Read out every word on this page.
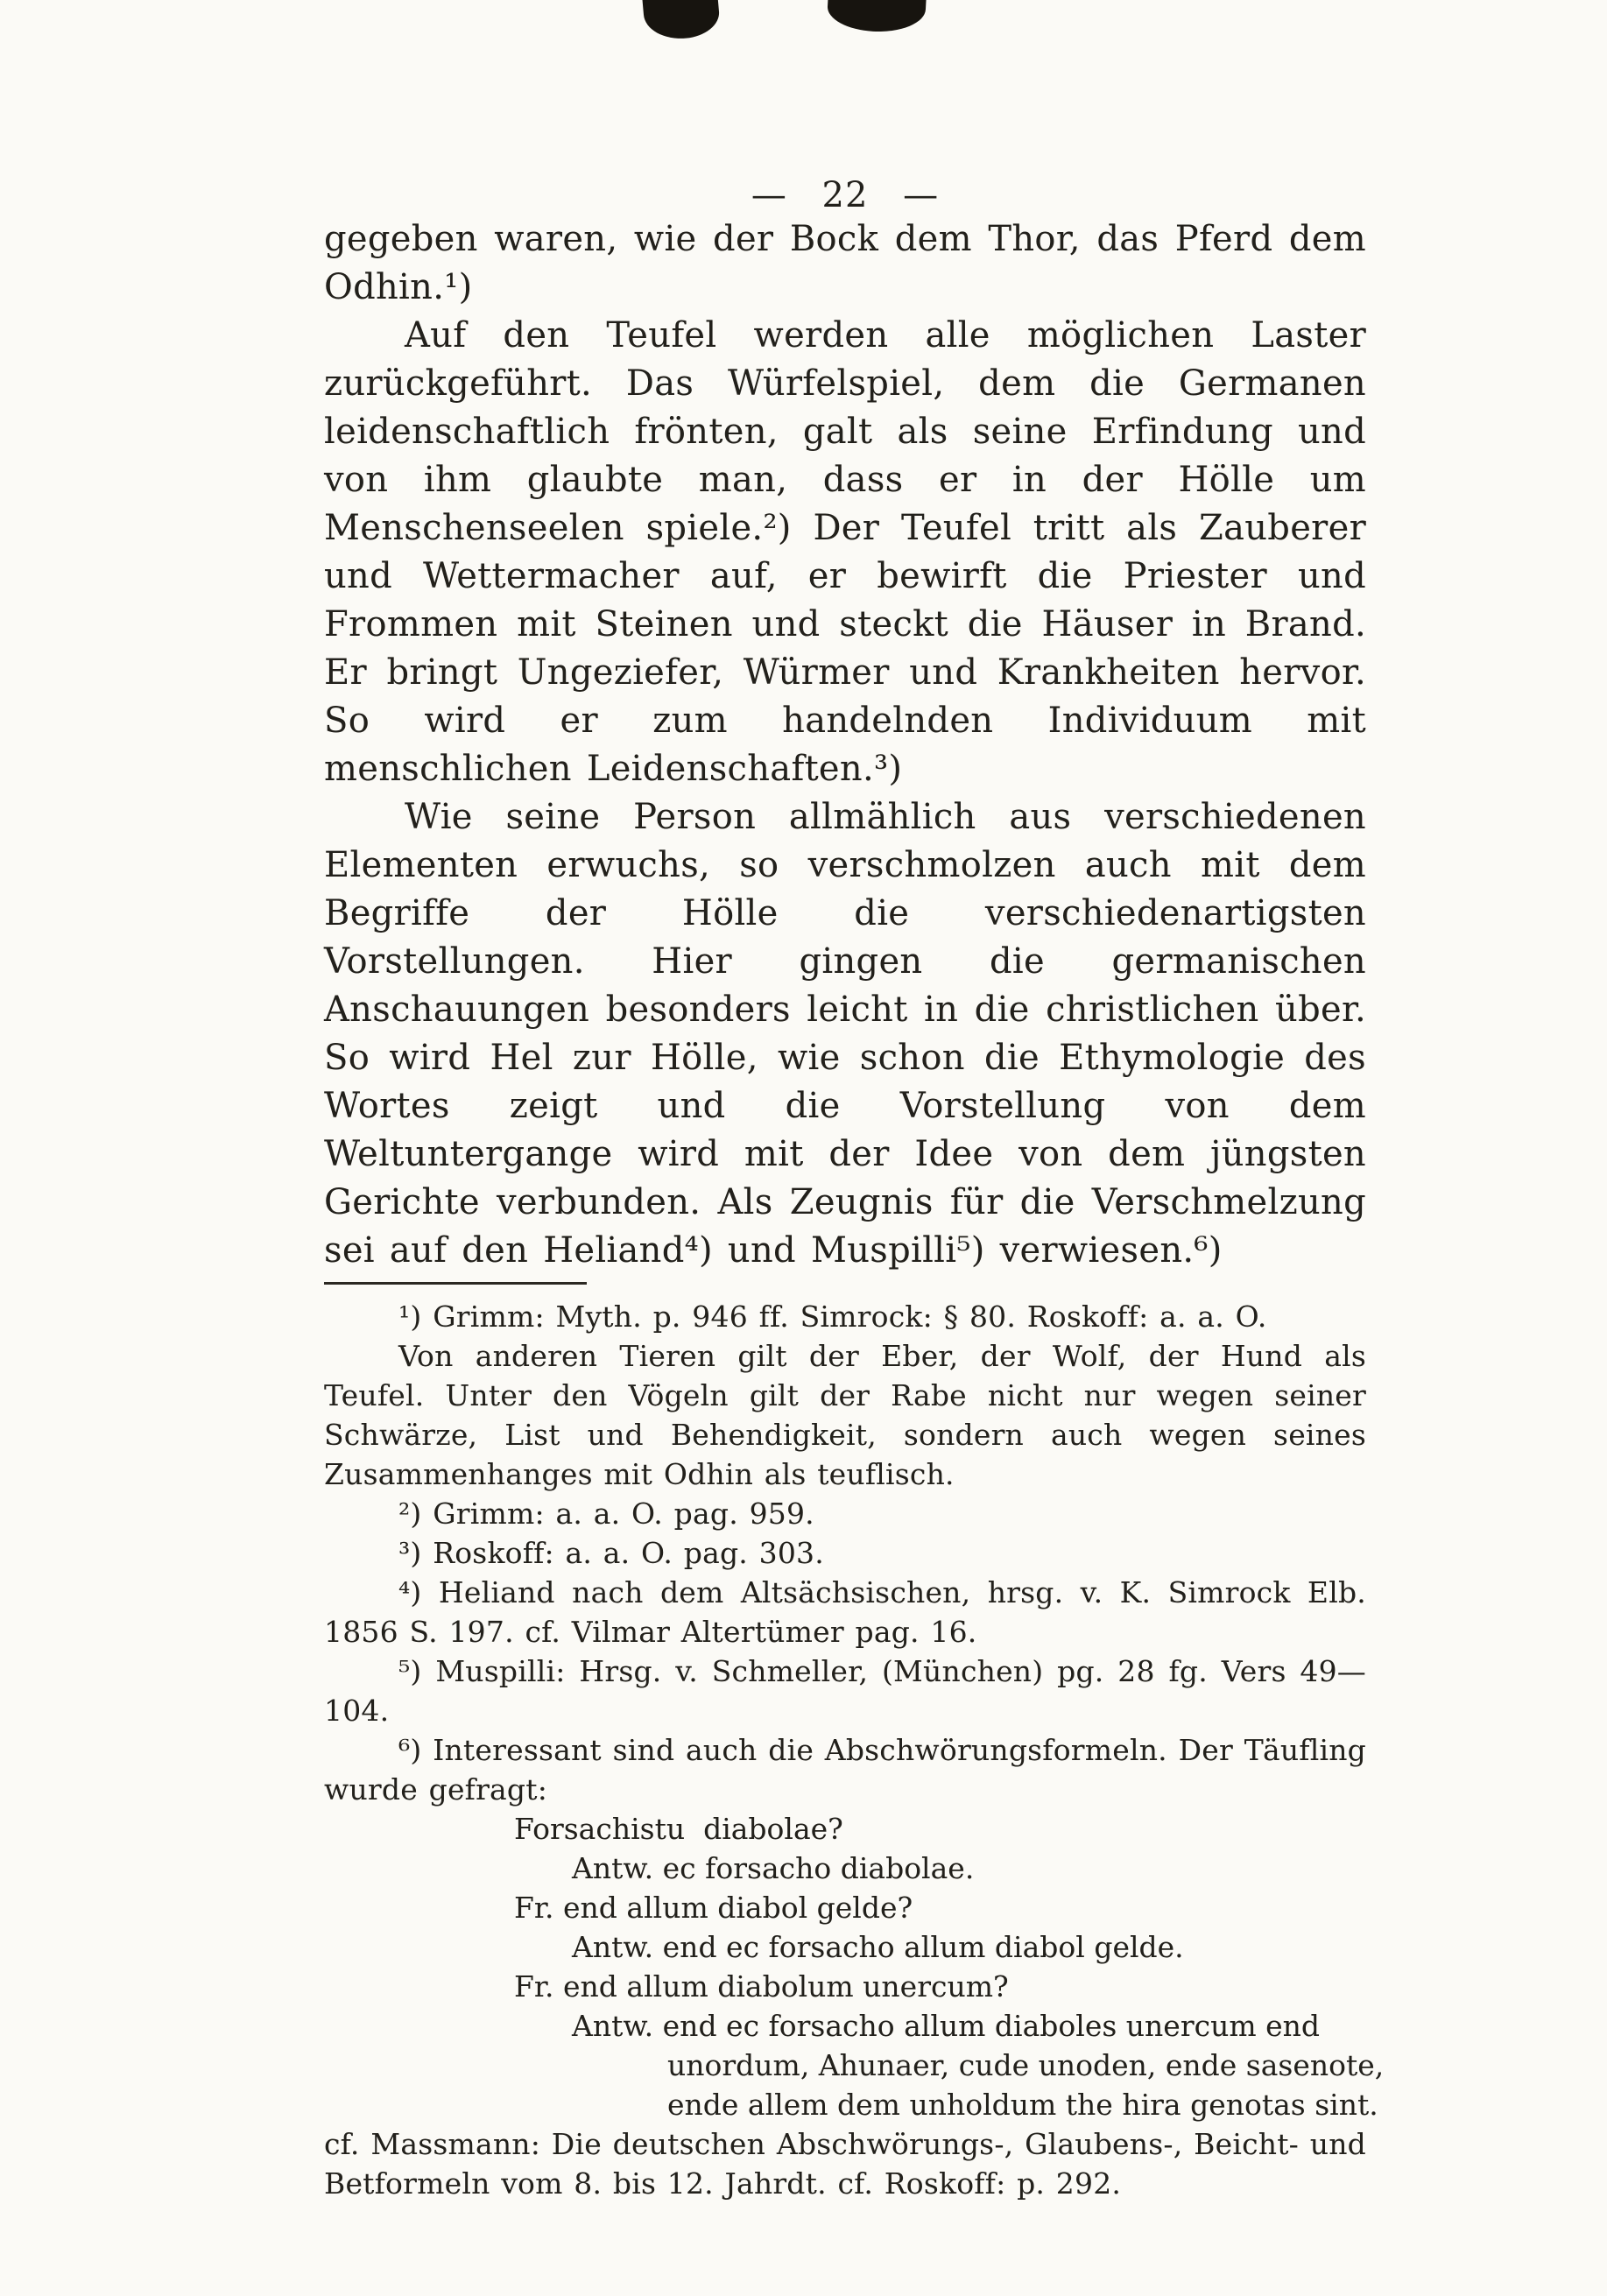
— 22 —

gegeben waren, wie der Bock dem Thor, das Pferd dem Odhin.¹)

Auf den Teufel werden alle möglichen Laster zurückgeführt. Das Würfelspiel, dem die Germanen leidenschaftlich frönten, galt als seine Erfindung und von ihm glaubte man, dass er in der Hölle um Menschenseelen spiele.²) Der Teufel tritt als Zauberer und Wettermacher auf, er bewirft die Priester und Frommen mit Steinen und steckt die Häuser in Brand. Er bringt Ungeziefer, Würmer und Krankheiten hervor. So wird er zum handelnden Individuum mit menschlichen Leidenschaften.³)

Wie seine Person allmählich aus verschiedenen Elementen erwuchs, so verschmolzen auch mit dem Begriffe der Hölle die verschiedenartigsten Vorstellungen. Hier gingen die germanischen Anschauungen besonders leicht in die christlichen über. So wird Hel zur Hölle, wie schon die Ethymologie des Wortes zeigt und die Vorstellung von dem Weltuntergange wird mit der Idee von dem jüngsten Gerichte verbunden. Als Zeugnis für die Verschmelzung sei auf den Heliand⁴) und Muspilli⁵) verwiesen.⁶)

¹) Grimm: Myth. p. 946 ff. Simrock: § 80. Roskoff: a. a. O.

Von anderen Tieren gilt der Eber, der Wolf, der Hund als Teufel. Unter den Vögeln gilt der Rabe nicht nur wegen seiner Schwärze, List und Behendigkeit, sondern auch wegen seines Zusammenhanges mit Odhin als teuflisch.

²) Grimm: a. a. O. pag. 959.

³) Roskoff: a. a. O. pag. 303.

⁴) Heliand nach dem Altsächsischen, hrsg. v. K. Simrock Elb. 1856 S. 197. cf. Vilmar Altertümer pag. 16.

⁵) Muspilli: Hrsg. v. Schmeller, (München) pg. 28 fg. Vers 49—104.

⁶) Interessant sind auch die Abschwörungsformeln. Der Täufling wurde gefragt:

Forsachistu  diabolae?
Antw. ec forsacho diabolae.
Fr. end allum diabol gelde?
Antw. end ec forsacho allum diabol gelde.
Fr. end allum diabolum unercum?
Antw. end ec forsacho allum diaboles unercum end
unordum, Ahunaer, cude unoden, ende sasenote,
ende allem dem unholdum the hira genotas sint.

cf. Massmann: Die deutschen Abschwörungs-, Glaubens-, Beicht- und Betformeln vom 8. bis 12. Jahrdt. cf. Roskoff: p. 292.
